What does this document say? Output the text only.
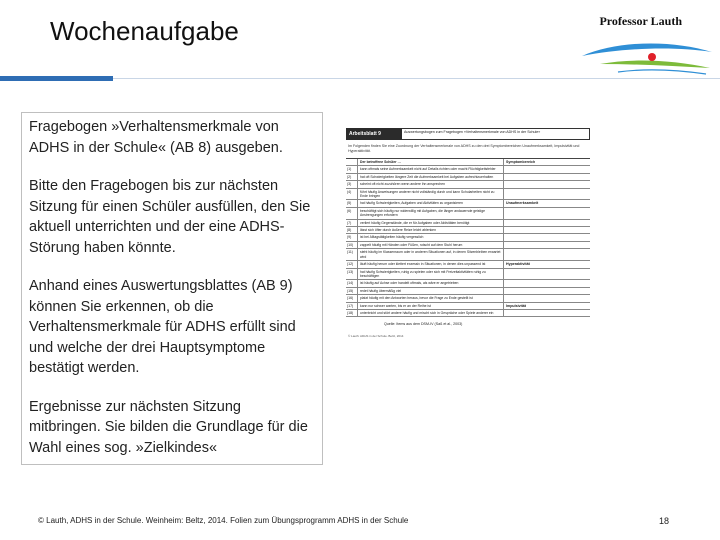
Wochenaufgabe	Professor Lauth

Fragebogen »Verhaltensmerkmale von ADHS in der Schule« (AB 8) ausgeben.

Bitte den Fragebogen bis zur nächsten Sitzung für einen Schüler ausfüllen, den Sie aktuell unterrichten und der eine ADHS-Störung haben könnte.

Anhand eines Auswertungsblattes (AB 9) können Sie erkennen, ob die Verhaltensmerkmale für ADHS erfüllt sind und welche der drei Hauptsymptome bestätigt werden.

Ergebnisse zur nächsten Sitzung mitbringen. Sie bilden die Grundlage für die Wahl eines sog. »Zielkindes«

Arbeitsblatt 9	Auswertungsbogen zum Fragebogen »Verhaltensmerkmale von ADHS in der Schule«
Im Folgenden finden Sie eine Zuordnung der Verhaltensmerkmale von ADHS zu den drei Symptombereichen Unaufmerksamkeit, Impulsivität und Hyperaktivität.
Der betroffene Schüler …	Symptombereich
(1)	kann oftmals seine Aufmerksamkeit nicht auf Details richten oder macht Flüchtigkeitsfehler
(2)	hat oft Schwierigkeiten längere Zeit die Aufmerksamkeit bei Aufgaben aufrechtzuerhalten
(3)	scheint oft nicht zuzuhören wenn andere ihn ansprechen
(4)	führt häufig Anweisungen anderer nicht vollständig durch und kann Schularbeiten nicht zu Ende bringen
(5)	hat häufig Schwierigkeiten, Aufgaben und Aktivitäten zu organisieren	Unaufmerksamkeit
(6)	beschäftigt sich häufig nur widerwillig mit Aufgaben, die länger andauernde geistige Anstrengungen erfordern
(7)	verliert häufig Gegenstände, die er für Aufgaben oder Aktivitäten benötigt
(8)	lässt sich öfter durch äußere Reize leicht ablenken
(9)	ist bei Alltagstätigkeiten häufig vergesslich
(10)	zappelt häufig mit Händen oder Füßen, rutscht auf dem Stuhl herum
(11)	steht häufig im Klassenraum oder in anderen Situationen auf, in denen Sitzenbleiben erwartet wird
(12)	läuft häufig herum oder klettert exzessiv in Situationen, in denen dies unpassend ist	Hyperaktivität
(13)	hat häufig Schwierigkeiten, ruhig zu spielen oder sich mit Freizeitaktivitäten ruhig zu beschäftigen
(14)	ist häufig auf Achse oder handelt oftmals, als wäre er angetrieben
(15)	redet häufig übermäßig viel
(16)	platzt häufig mit den Antworten heraus, bevor die Frage zu Ende gestellt ist
(17)	kann nur schwer warten, bis er an der Reihe ist	Impulsivität
(18)	unterbricht und stört andere häufig und mischt sich in Gespräche oder Spiele anderer ein
Quelle: Items aus dem DSM-IV (Saß et al., 2003)
© Lauth: ADHS in der Schule. Beltz, 2014
© Lauth, ADHS in der Schule. Weinheim: Beltz, 2014. Folien zum Übungsprogramm ADHS in der Schule	18
